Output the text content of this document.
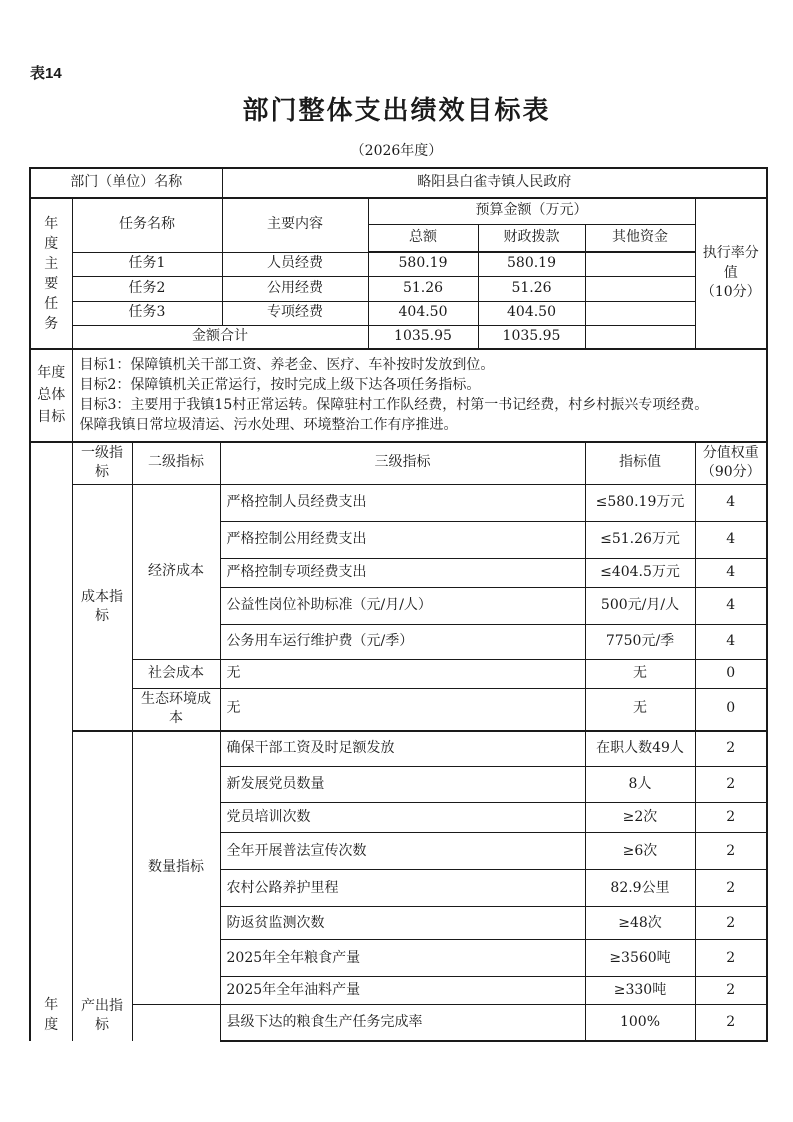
表14
部门整体支出绩效目标表
（2026年度）
部门（单位）名称		略阳县白雀寺镇人民政府				

年度主要任务	任务名称	主要内容	预算金额（万元）			执行率分值
（10分）

			总额	财政拨款	其他资金	
	任务1	人员经费	580.19	580.19		
	任务2	公用经费	51.26	51.26		
	任务3	专项经费	404.50	404.50		
	金额合计		1035.95	1035.95		

年度总体目标	目标1：保障镇机关干部工资、养老金、医疗、车补按时发放到位。
目标2：保障镇机关正常运行，按时完成上级下达各项任务指标。
目标3：主要用于我镇15村正常运转。保障驻村工作队经费，村第一书记经费，村乡村振兴专项经费。
保障我镇日常垃圾清运、污水处理、环境整治工作有序推进。					
年度	一级指标	二级指标	三级指标	指标值	分值权重（90分）

	成本指标	经济成本	严格控制人员经费支出	≤580.19万元	4
			严格控制公用经费支出	≤51.26万元	4
			严格控制专项经费支出	≤404.5万元	4
			公益性岗位补助标准（元/月/人）	500元/月/人	4
			公务用车运行维护费（元/季）	7750元/季	4
		社会成本	无	无	0
		生态环境成本	无	无	0

	产出指标	数量指标	确保干部工资及时足额发放	在职人数49人	2
			新发展党员数量	8人	2
			党员培训次数	≥2次	2
			全年开展普法宣传次数	≥6次	2
			农村公路养护里程	82.9公里	2
			防返贫监测次数	≥48次	2
			2025年全年粮食产量	≥3560吨	2
			2025年全年油料产量	≥330吨	2
			县级下达的粮食生产任务完成率	100%	2
